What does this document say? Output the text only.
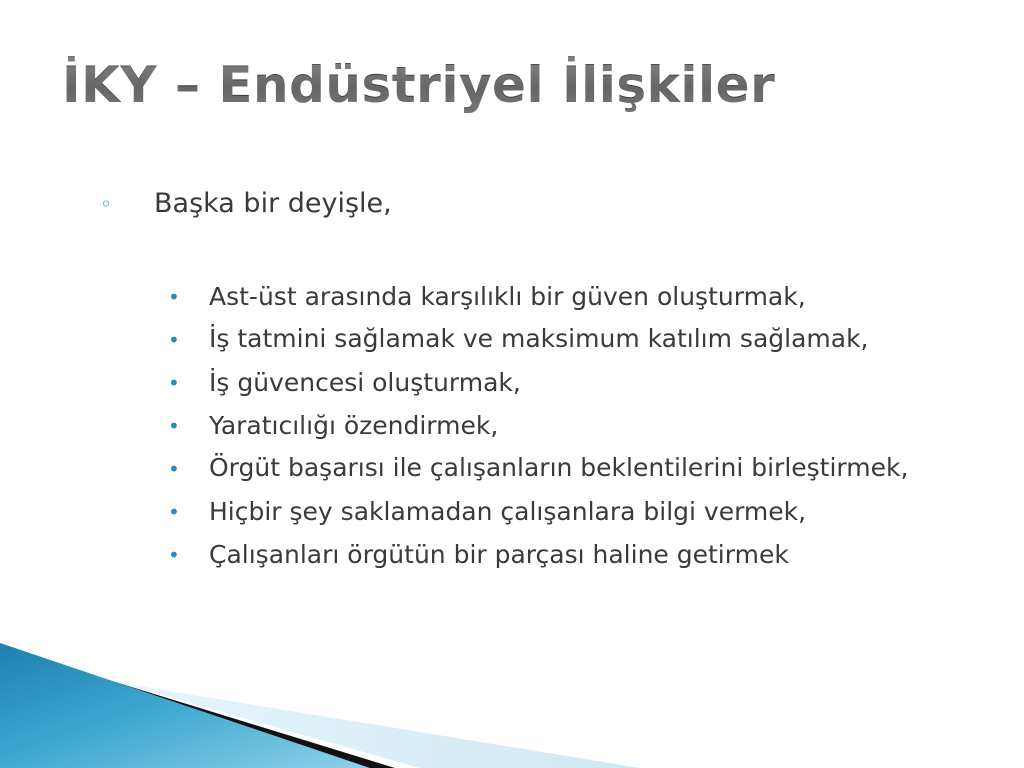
İKY – Endüstriyel İlişkiler
◦	Başka bir deyişle,
•	Ast-üst arasında karşılıklı bir güven oluşturmak,
•	İş tatmini sağlamak ve maksimum katılım sağlamak,
•	İş güvencesi oluşturmak,
•	Yaratıcılığı özendirmek,
•	Örgüt başarısı ile çalışanların beklentilerini birleştirmek,
•	Hiçbir şey saklamadan çalışanlara bilgi vermek,
•	Çalışanları örgütün bir parçası haline getirmek
